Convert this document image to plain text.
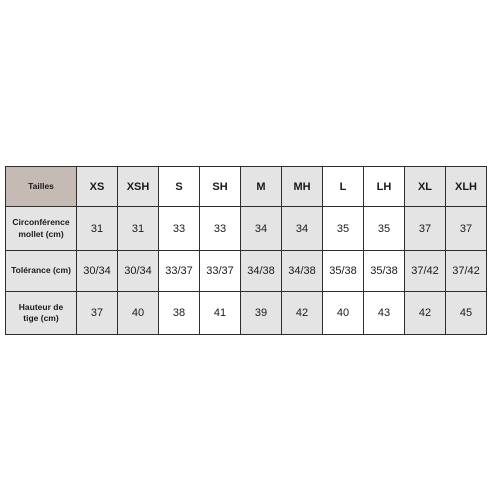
Tailles	XS	XSH	S	SH	M	MH	L	LH	XL	XLH
Circonférence
mollet (cm)	31	31	33	33	34	34	35	35	37	37
Tolérance (cm)	30/34	30/34	33/37	33/37	34/38	34/38	35/38	35/38	37/42	37/42
Hauteur de
tige (cm)	37	40	38	41	39	42	40	43	42	45
